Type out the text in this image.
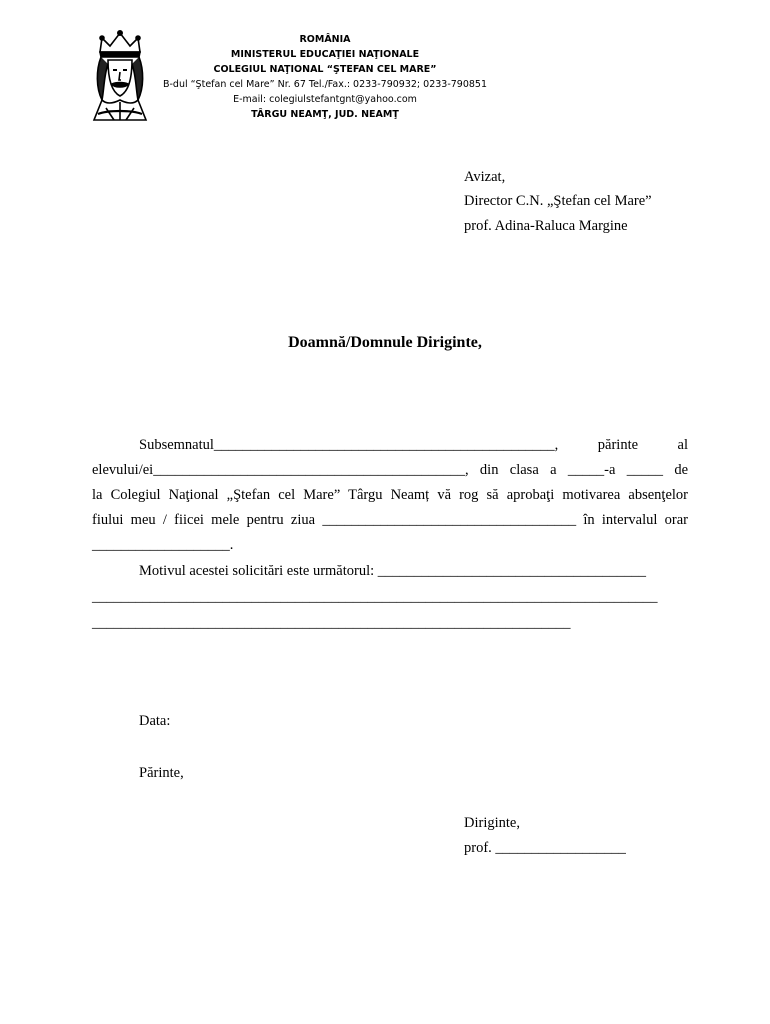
ROMÂNIA
MINISTERUL EDUCAŢIEI NAŢIONALE
COLEGIUL NAŢIONAL “ŞTEFAN CEL MARE”
B-dul “Ştefan cel Mare” Nr. 67 Tel./Fax.: 0233-790932; 0233-790851
E-mail: colegiulstefantgnt@yahoo.com
TÂRGU NEAMŢ, JUD. NEAMŢ
Avizat,
Director C.N. „Ştefan cel Mare”
prof. Adina-Raluca Margine
Doamnă/Domnule Diriginte,
Subsemnatul_______________________________________________,	părinte	al
elevului/ei___________________________________________, din clasa a _____-a _____ de
la Colegiul Naţional „Ştefan cel Mare” Târgu Neamț vă rog să aprobaţi motivarea absenţelor
fiului meu / fiicei mele pentru ziua ___________________________________ în intervalul orar
___________________.
Motivul acestei solicitări este următorul: _____________________________________
______________________________________________________________________________
__________________________________________________________________
Data:
Părinte,
Diriginte,
prof. __________________
